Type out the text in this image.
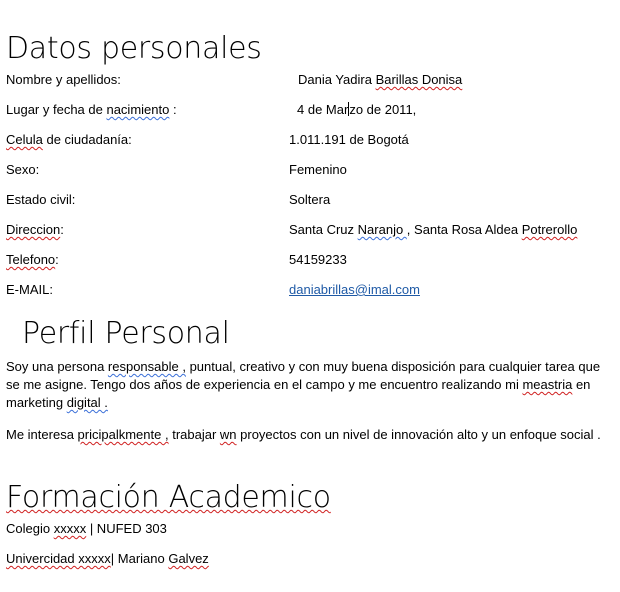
Datos personales
Nombre y apellidos:	Dania Yadira Barillas Donisa
Lugar y fecha de nacimiento :	4 de Marzo de 2011,
Celula de ciudadanía:	1.011.191 de Bogotá
Sexo:	Femenino
Estado civil:	Soltera
Direccion:	Santa Cruz Naranjo , Santa Rosa Aldea Potrerollo
Telefono:	54159233
E-MAIL:	daniabrillas@imal.com
Perfil Personal

Soy una persona responsable , puntual, creativo y con muy buena disposición para cualquier tarea que se me asigne. Tengo dos años de experiencia en el campo y me encuentro realizando mi meastria en marketing digital .

Me interesa pricipalkmente , trabajar wn proyectos con un nivel de innovación alto y un enfoque social .

Formación Academico
Colegio xxxxx | NUFED 303
Univercidad xxxxx| Mariano Galvez
